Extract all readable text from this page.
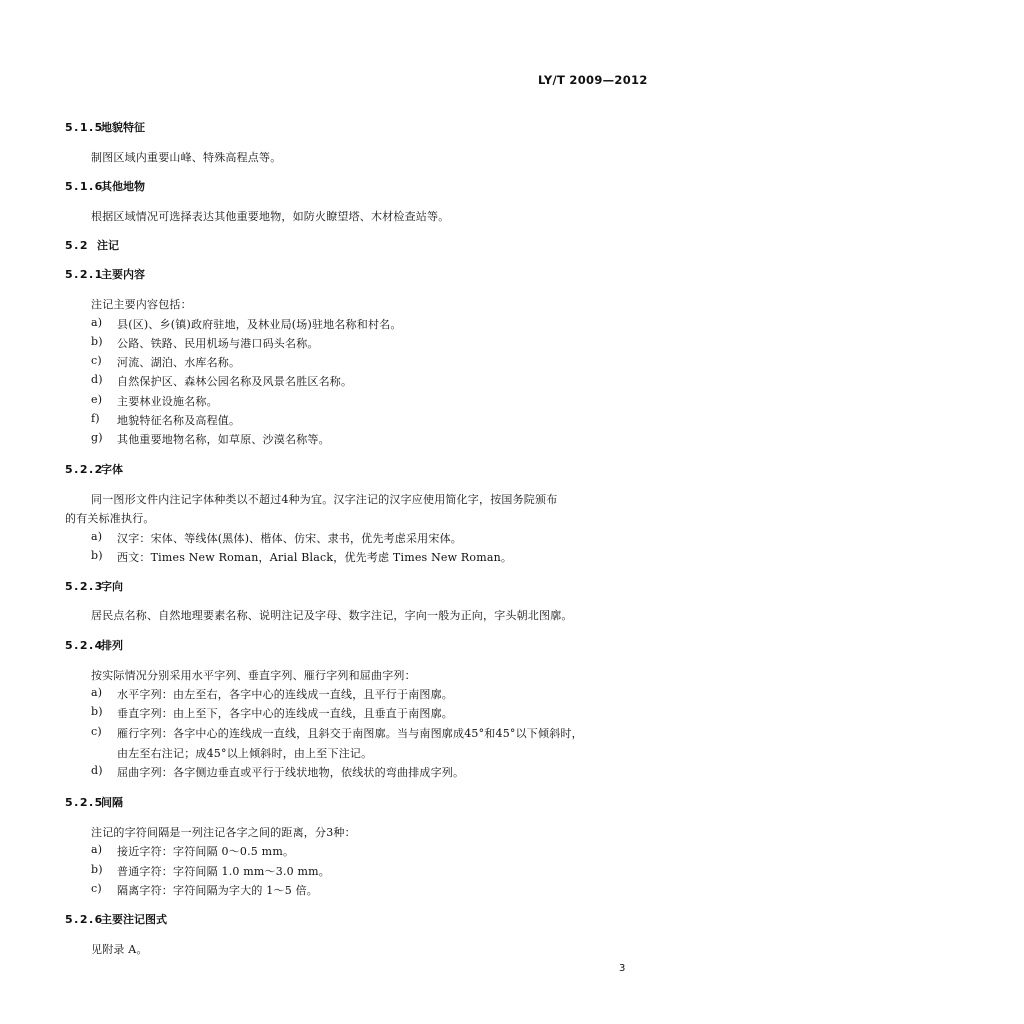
LY/T 2009—2012
5.1.5地貌特征
制图区域内重要山峰、特殊高程点等。
5.1.6其他地物
根据区域情况可选择表达其他重要地物，如防火瞭望塔、木材检查站等。
5.2 注记
5.2.1主要内容
注记主要内容包括：
a) 县(区)、乡(镇)政府驻地，及林业局(场)驻地名称和村名。
b) 公路、铁路、民用机场与港口码头名称。
c) 河流、湖泊、水库名称。
d) 自然保护区、森林公园名称及风景名胜区名称。
e) 主要林业设施名称。
f) 地貌特征名称及高程值。
g) 其他重要地物名称，如草原、沙漠名称等。
5.2.2字体
同一图形文件内注记字体种类以不超过4种为宜。汉字注记的汉字应使用简化字，按国务院颁布
的有关标准执行。
a) 汉字：宋体、等线体(黑体)、楷体、仿宋、隶书，优先考虑采用宋体。
b) 西文：Times New Roman，Arial Black，优先考虑 Times New Roman。
5.2.3字向
居民点名称、自然地理要素名称、说明注记及字母、数字注记，字向一般为正向，字头朝北图廓。
5.2.4排列
按实际情况分别采用水平字列、垂直字列、雁行字列和屈曲字列：
a) 水平字列：由左至右，各字中心的连线成一直线，且平行于南图廓。
b) 垂直字列：由上至下，各字中心的连线成一直线，且垂直于南图廓。
c) 雁行字列：各字中心的连线成一直线，且斜交于南图廓。当与南图廓成45°和45°以下倾斜时，
由左至右注记；成45°以上倾斜时，由上至下注记。
d) 屈曲字列：各字侧边垂直或平行于线状地物，依线状的弯曲排成字列。
5.2.5间隔
注记的字符间隔是一列注记各字之间的距离，分3种：
a) 接近字符：字符间隔 0～0.5 mm。
b) 普通字符：字符间隔 1.0 mm～3.0 mm。
c) 隔离字符：字符间隔为字大的 1～5 倍。
5.2.6主要注记图式
见附录 A。
3
